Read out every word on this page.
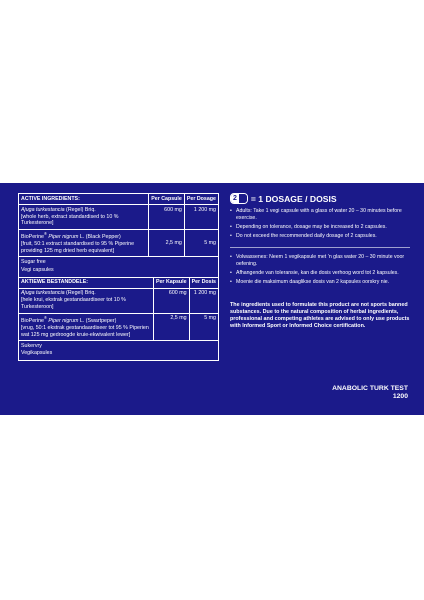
ACTIVE INGREDIENTS:	Per Capsule	Per Dosage
Ajuga turkestancia (Regel) Briq.
[whole herb, extract standardised to 10 % Turkesterone]	600 mg	1 200 mg
BioPerine® Piper nigrum L. (Black Pepper)
[fruit, 50:1 extract standardised to 95 % Piperine providing 125 mg dried herb equivalent]	2,5 mg	5 mg
Sugar free
Vegi capsules
AKTIEWE BESTANDDELE:	Per Kapsule	Per Dosis
Ajuga turkestancia (Regel) Briq.
[hele krui, ekstrak gestandaardiseer tot 10 % Turkesteroon]	600 mg	1 200 mg
BioPerine® Piper nigrum L. (Swartpeper)
[vrug, 50:1 ekstrak gestandaardiseer tot 95 % Piperien wat 125 mg gedroogde kruie-ekwivalent lewer]	2,5 mg	5 mg
Sukervry
Vegikapsules
2 = 1 DOSAGE / DOSIS
• Adults: Take 1 vegi capsule with a glass of water 20 – 30 minutes before exercise.
• Depending on tolerance, dosage may be increased to 2 capsules.
• Do not exceed the recommended daily dosage of 2 capsules.
• Volwassenes: Neem 1 vegikapsule met ’n glas water 20 – 30 minute voor oefening.
• Afhangende van toleransie, kan die dosis verhoog word tot 2 kapsules.
• Moenie die maksimum daaglikse dosis van 2 kapsules oorskry nie.
The ingredients used to formulate this product are not sports banned substances. Due to the natural composition of herbal ingredients, professional and competing athletes are advised to only use products with Informed Sport or Informed Choice certification.
ANABOLIC TURK TEST
1200
